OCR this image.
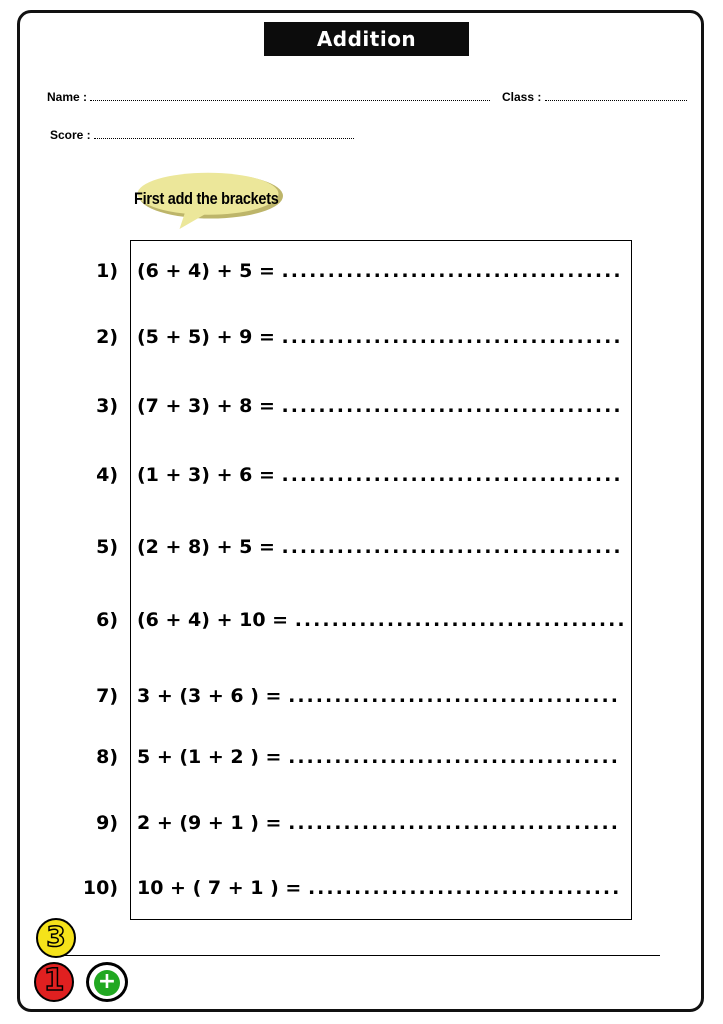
Addition exercises
Name :	Class :
Score :
First add the brackets
1) (6 + 4) + 5 = .....................................
2) (5 + 5) + 9 = .....................................
3) (7 + 3) + 8 = .....................................
4) (1 + 3) + 6 = .....................................
5) (2 + 8) + 5 = .....................................
6) (6 + 4) + 10 = ....................................
7) 3 + (3 + 6 ) = ....................................
8) 5 + (1 + 2 ) = ....................................
9) 2 + (9 + 1 ) = ....................................
10) 10 + ( 7 + 1 ) = ..................................
3
1	+
